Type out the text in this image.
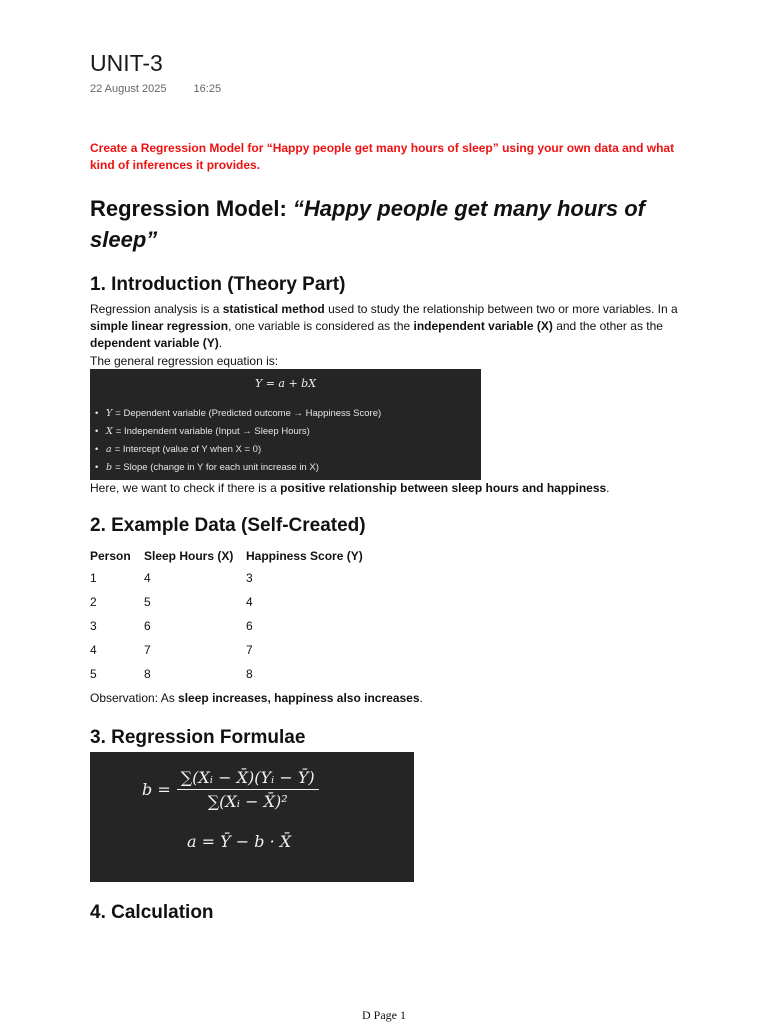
UNIT-3
22 August 2025 16:25
Create a Regression Model for “Happy people get many hours of sleep” using your own data and what kind of inferences it provides.
Regression Model: “Happy people get many hours of sleep”
1. Introduction (Theory Part)
Regression analysis is a statistical method used to study the relationship between two or more variables. In a simple linear regression, one variable is considered as the independent variable (X) and the other as the dependent variable (Y).
The general regression equation is:
Y = a + bX
• Y = Dependent variable (Predicted outcome → Happiness Score)
• X = Independent variable (Input → Sleep Hours)
• a = Intercept (value of Y when X = 0)
• b = Slope (change in Y for each unit increase in X)
Here, we want to check if there is a positive relationship between sleep hours and happiness.
2. Example Data (Self-Created)
Person	Sleep Hours (X)	Happiness Score (Y)
1	4	3
2	5	4
3	6	6
4	7	7
5	8	8
Observation: As sleep increases, happiness also increases.
3. Regression Formulae
$b = \frac{\text{∑(Xᵢ − X̄)(Yᵢ − Ȳ)}}{\text{∑(Xᵢ − X̄)²}}$
a = Ȳ − b · X̄
4. Calculation
D Page 1
